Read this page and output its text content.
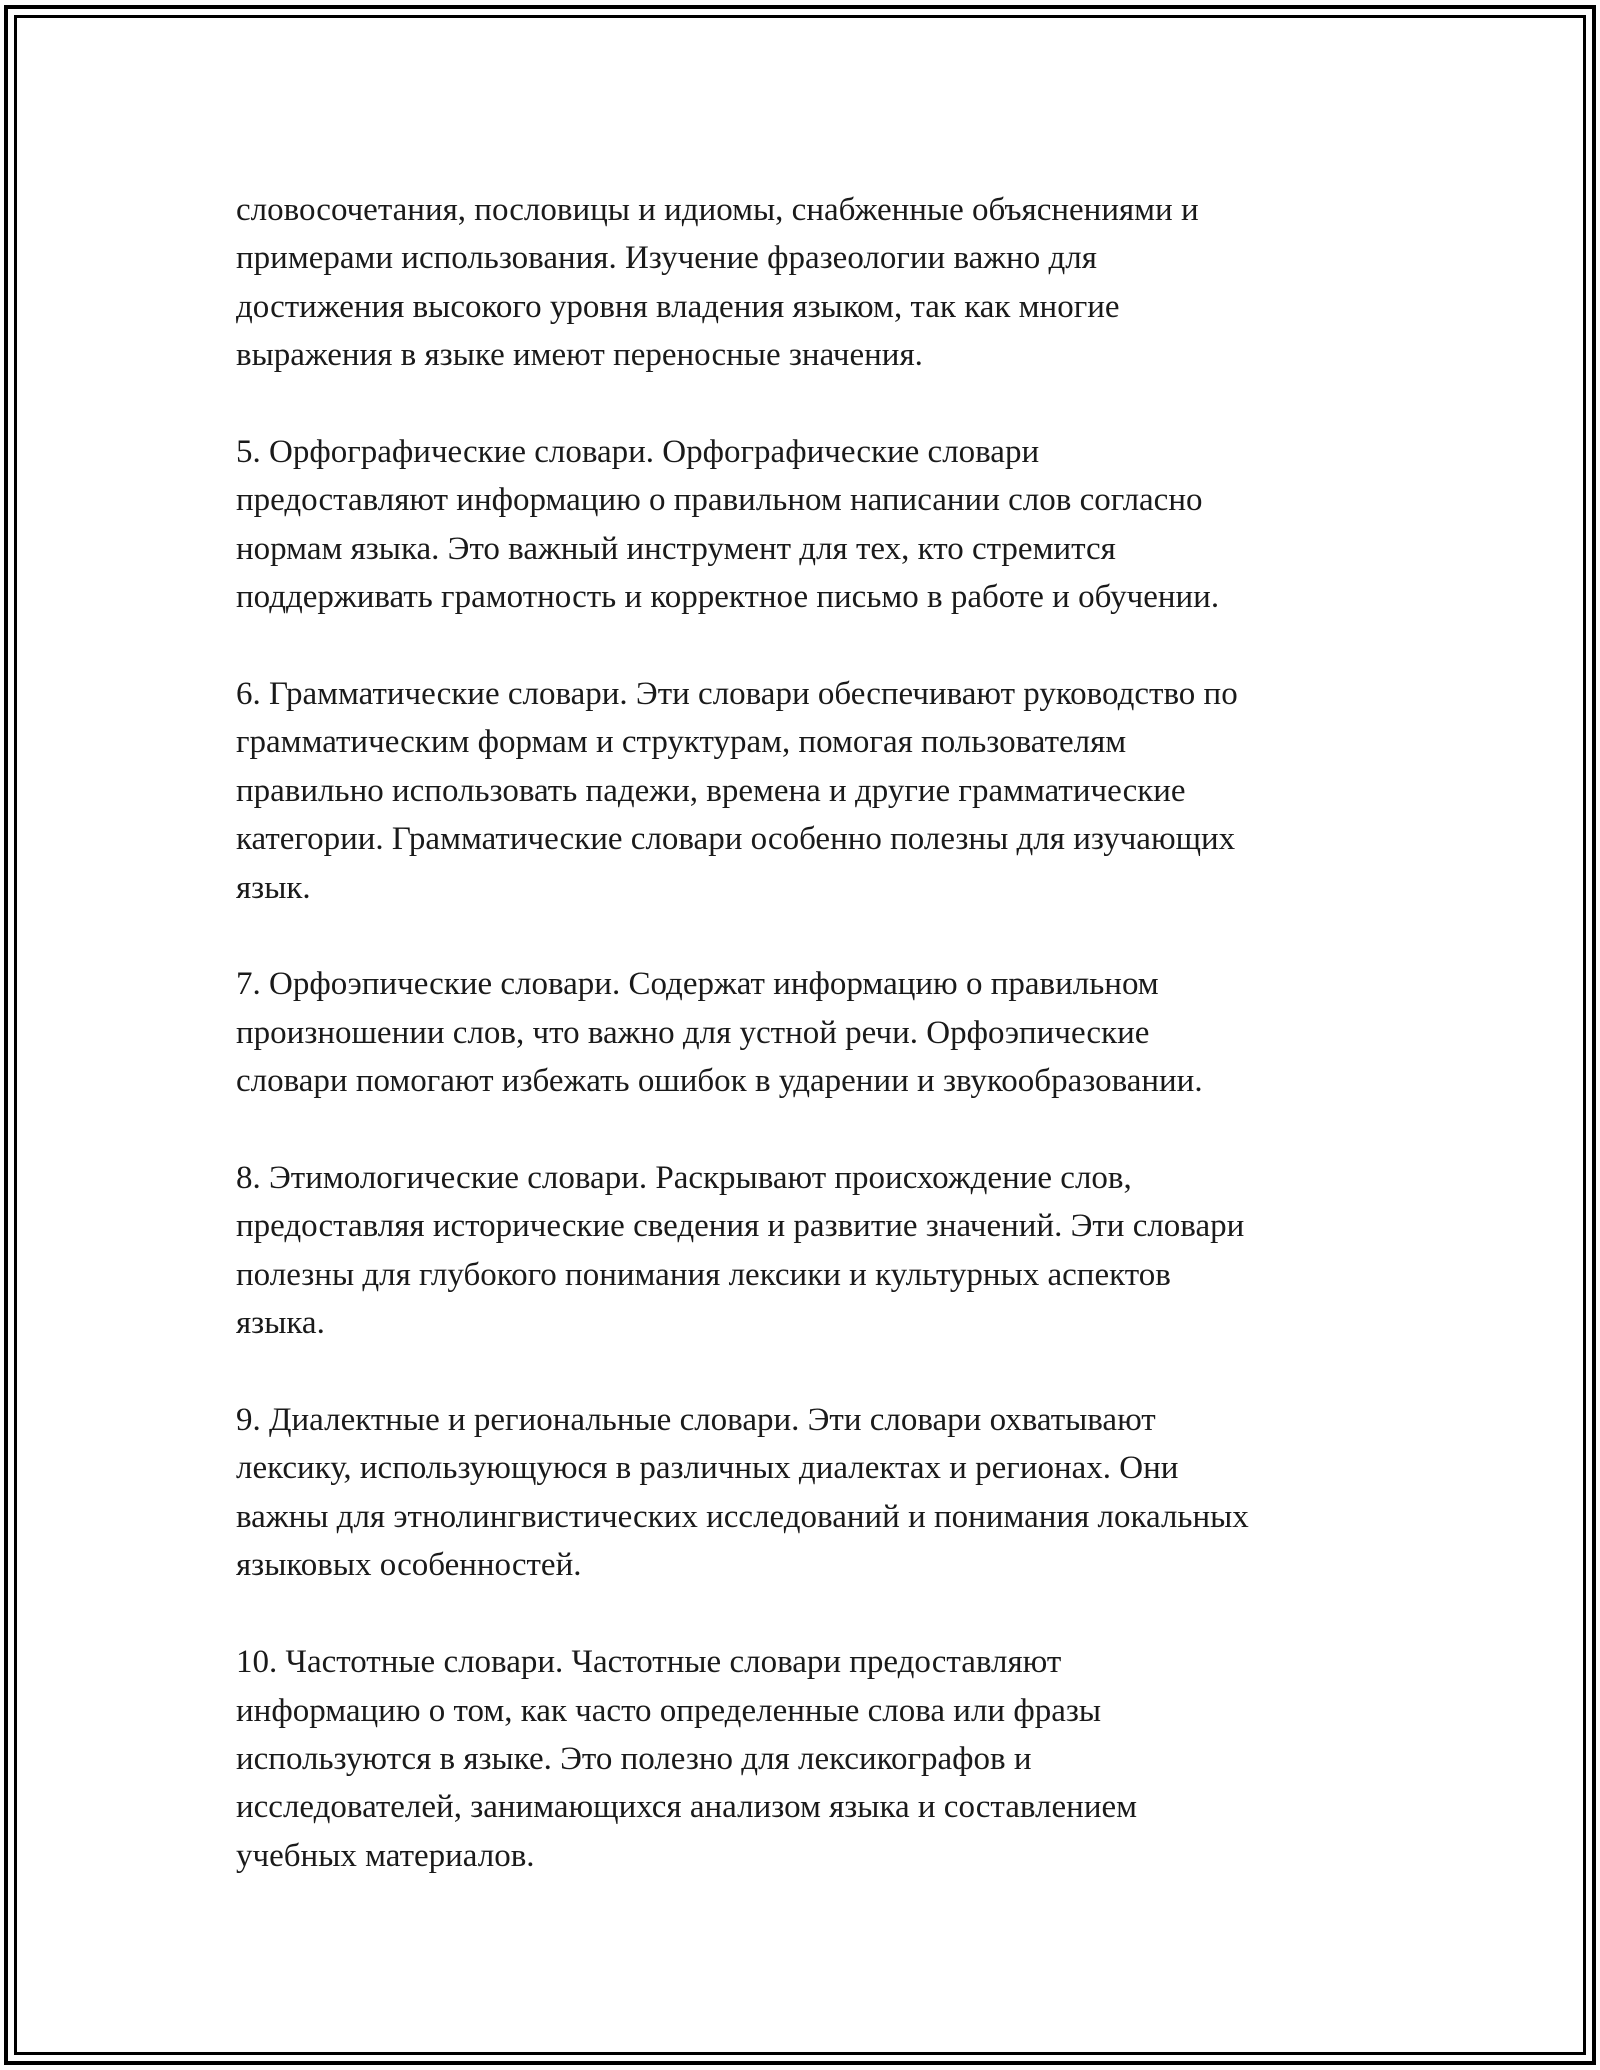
словосочетания, пословицы и идиомы, снабженные объяснениями и
примерами использования. Изучение фразеологии важно для
достижения высокого уровня владения языком, так как многие
выражения в языке имеют переносные значения.

5. Орфографические словари. Орфографические словари
предоставляют информацию о правильном написании слов согласно
нормам языка. Это важный инструмент для тех, кто стремится
поддерживать грамотность и корректное письмо в работе и обучении.

6. Грамматические словари. Эти словари обеспечивают руководство по
грамматическим формам и структурам, помогая пользователям
правильно использовать падежи, времена и другие грамматические
категории. Грамматические словари особенно полезны для изучающих
язык.

7. Орфоэпические словари. Содержат информацию о правильном
произношении слов, что важно для устной речи. Орфоэпические
словари помогают избежать ошибок в ударении и звукообразовании.

8. Этимологические словари. Раскрывают происхождение слов,
предоставляя исторические сведения и развитие значений. Эти словари
полезны для глубокого понимания лексики и культурных аспектов
языка.

9. Диалектные и региональные словари. Эти словари охватывают
лексику, использующуюся в различных диалектах и регионах. Они
важны для этнолингвистических исследований и понимания локальных
языковых особенностей.

10. Частотные словари. Частотные словари предоставляют
информацию о том, как часто определенные слова или фразы
используются в языке. Это полезно для лексикографов и
исследователей, занимающихся анализом языка и составлением
учебных материалов.
